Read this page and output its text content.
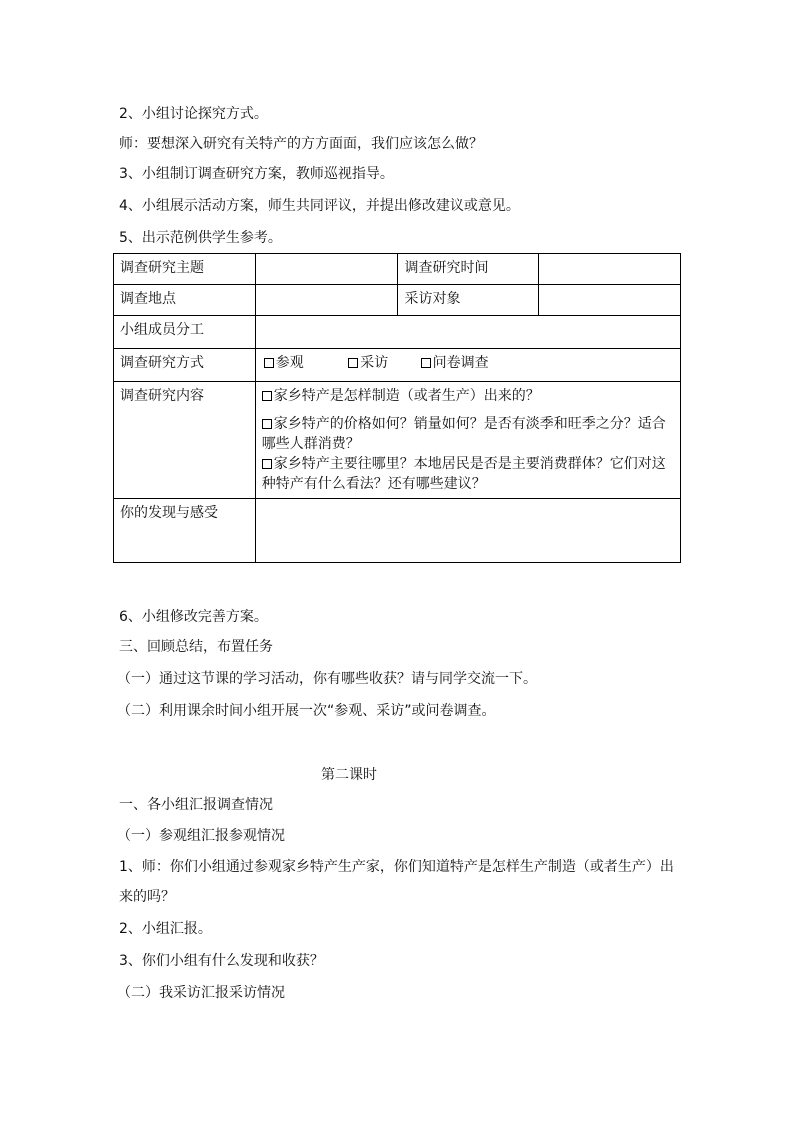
2、小组讨论探究方式。
师：要想深入研究有关特产的方方面面，我们应该怎么做？
3、小组制订调查研究方案，教师巡视指导。
4、小组展示活动方案，师生共同评议，并提出修改建议或意见。
5、出示范例供学生参考。
调查研究主题		调查研究时间	
调查地点		采访对象	
小组成员分工			
调查研究方式	参观 采访 问卷调查		
调查研究内容	家乡特产是怎样制造（或者生产）出来的？
家乡特产的价格如何？销量如何？是否有淡季和旺季之分？适合哪些人群消费？
家乡特产主要往哪里？本地居民是否是主要消费群体？它们对这种特产有什么看法？还有哪些建议？		

你的发现与感受			
6、小组修改完善方案。
三、回顾总结，布置任务
（一）通过这节课的学习活动，你有哪些收获？请与同学交流一下。
（二）利用课余时间小组开展一次“参观、采访”或问卷调查。
第二课时
一、各小组汇报调查情况
（一）参观组汇报参观情况
1、师：你们小组通过参观家乡特产生产家，你们知道特产是怎样生产制造（或者生产）出
来的吗？
2、小组汇报。
3、你们小组有什么发现和收获？
（二）我采访汇报采访情况
